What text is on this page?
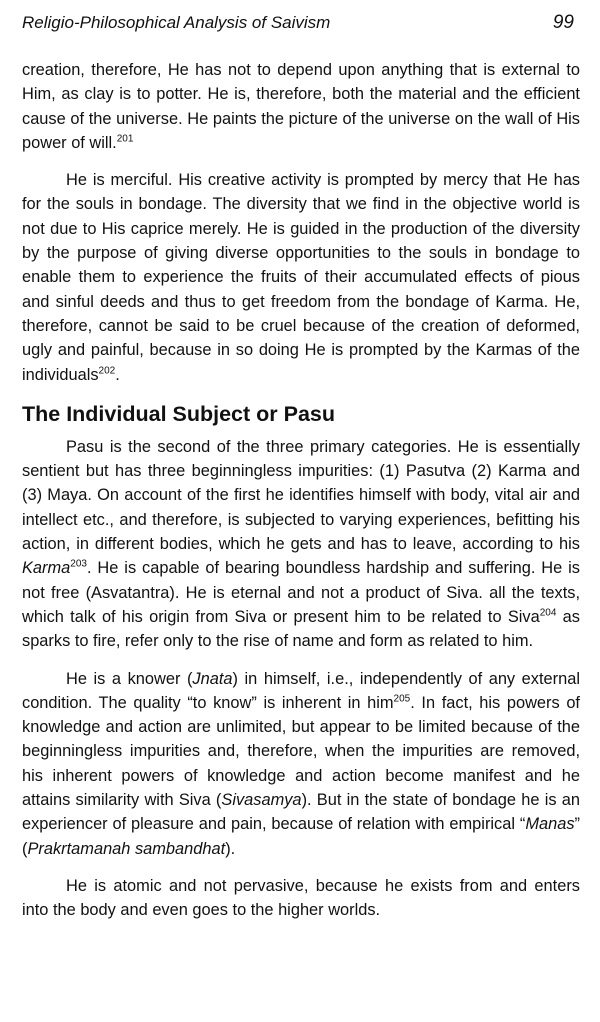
Religio-Philosophical Analysis of Saivism	99

creation, therefore, He has not to depend upon anything that is external to Him, as clay is to potter. He is, therefore, both the material and the efficient cause of the universe. He paints the picture of the universe on the wall of His power of will.$^{201}$

He is merciful. His creative activity is prompted by mercy that He has for the souls in bondage. The diversity that we find in the objective world is not due to His caprice merely. He is guided in the production of the diversity by the purpose of giving diverse opportunities to the souls in bondage to enable them to experience the fruits of their accumulated effects of pious and sinful deeds and thus to get freedom from the bondage of Karma. He, therefore, cannot be said to be cruel because of the creation of deformed, ugly and painful, because in so doing He is prompted by the Karmas of the individuals$^{202}$.

The Individual Subject or Pasu

Pasu is the second of the three primary categories. He is essentially sentient but has three beginningless impurities: (1) Pasutva (2) Karma and (3) Maya. On account of the first he identifies himself with body, vital air and intellect etc., and therefore, is subjected to varying experiences, befitting his action, in different bodies, which he gets and has to leave, according to his Karma$^{203}$. He is capable of bearing boundless hardship and suffering. He is not free (Asvatantra). He is eternal and not a product of Siva. all the texts, which talk of his origin from Siva or present him to be related to Siva$^{204}$ as sparks to fire, refer only to the rise of name and form as related to him.

He is a knower (Jnata) in himself, i.e., independently of any external condition. The quality “to know” is inherent in him$^{205}$. In fact, his powers of knowledge and action are unlimited, but appear to be limited because of the beginningless impurities and, therefore, when the impurities are removed, his inherent powers of knowledge and action become manifest and he attains similarity with Siva (Sivasamya). But in the state of bondage he is an experiencer of pleasure and pain, because of relation with empirical “Manas” (Prakrtamanah sambandhat).

He is atomic and not pervasive, because he exists from and enters into the body and even goes to the higher worlds.
